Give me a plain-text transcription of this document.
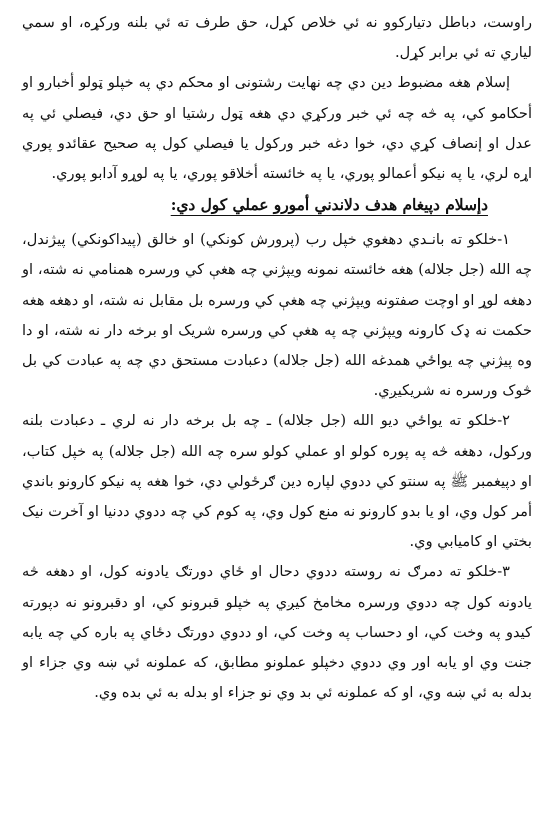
راوست، دباطل دتیارکوو نه ئي خلاص کړل، حق طرف ته ئي بلنه ورکړه، او سمي لیاري ته ئي برابر کړل.

إسلام هغه مضبوط دین دي چه نهایت رشتونی او محکم دي په خپلو ټولو أخبارو او أحکامو کي، په څه چه ئي خبر ورکړي دي هغه ټول رشتیا او حق دي، فیصلي ئي په عدل او إنصاف کړي دي، خوا دغه خبر ورکول یا فیصلي کول په صحیح عقائدو پوري اړه لري، یا په نیکو أعمالو پوري، یا په خائسته أخلاقو پوري، یا په لوړو آدابو پوري.

دإسلام دپیغام هدف دلاندني أمورو عملي کول دي:

۱-خلکو ته بانـدي دهغوي خپل رب (پرورش کونکي) او خالق (پیداکونکي) پیژندل، چه الله (جل جلاله) هغه خائسته نمونه ویپژني چه هغې کي ورسره همنامي نه شته، او دهغه لوړ او اوچت صفتونه ویپژني چه هغې کي ورسره بل مقابل نه شته، او دهغه هغه حکمت نه ډک کارونه ویپژني چه په هغې کي ورسره شریک او برخه دار نه شته، او دا وه پیژني چه یواځي همدغه الله (جل جلاله) دعبادت مستحق دي چه په عبادت کي بل څوک ورسره نه شریکیږي.

۲-خلکو ته یواځي دیو الله (جل جلاله) ـ چه بل برخه دار نه لري ـ دعبادت بلنه ورکول، دهغه څه په پوره کولو او عملي کولو سره چه الله (جل جلاله) په خپل کتاب، او دپیغمبر ﷺ په سنتو کي ددوي لپاره دین ګرځولي دي، خوا هغه په نیکو کارونو باندي أمر کول وي، او یا بدو کارونو نه منع کول وي، په کوم کي چه ددوي ددنیا او آخرت نیک بختي او کامیابي وي.

۳-خلکو ته دمرګ نه روسته ددوي دحال او ځاي دورتګ یادونه کول، او دهغه څه یادونه کول چه ددوي ورسره مخامخ کیږي په خپلو قبرونو کي، او دقبرونو نه دپورته کیدو په وخت کي، او دحساب په وخت کي، او ددوي دورتګ دځاي په باره کي چه یابه جنت وي او یابه اور وي ددوي دخپلو عملونو مطابق، که عملونه ئي ښه وي جزاء او بدله به ئي ښه وي، او که عملونه ئي بد وي نو جزاء او بدله به ئي بده وي.
